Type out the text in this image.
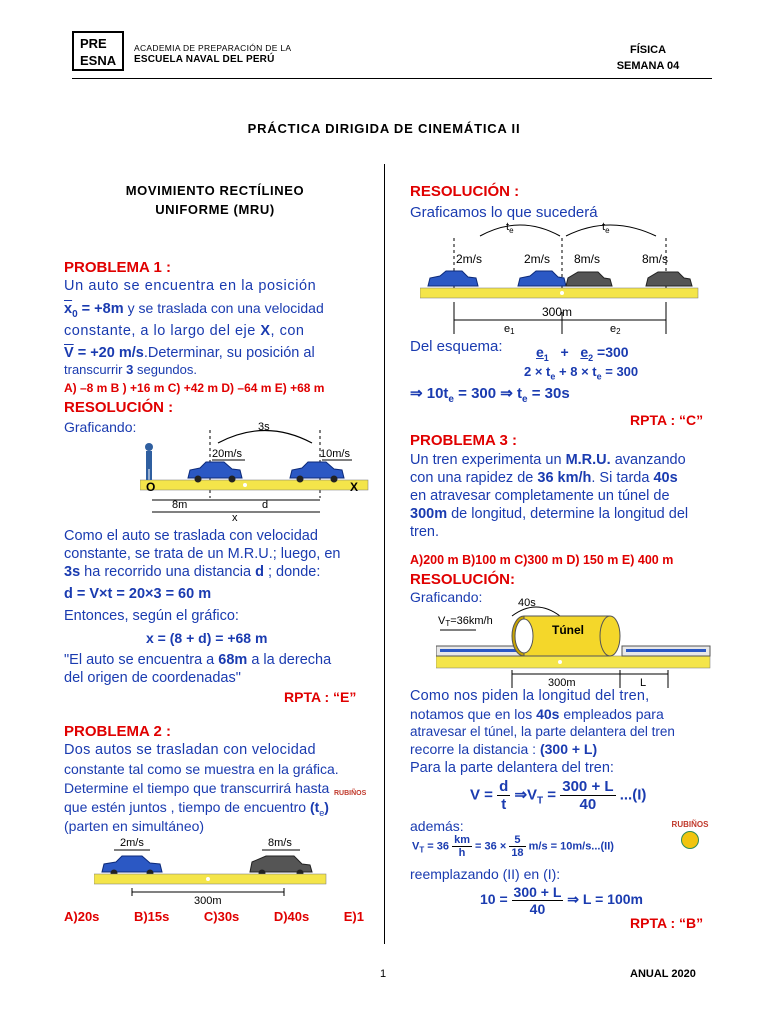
PRE
ESNA
ACADEMIA DE PREPARACIÓN DE LA
ESCUELA NAVAL DEL PERÚ
FÍSICA
SEMANA 04
PRÁCTICA DIRIGIDA DE CINEMÁTICA II
MOVIMIENTO RECTÍLINEO
UNIFORME (MRU)
PROBLEMA 1 :
Un auto se encuentra en la posición
$\overline{x}_0 = +8m$ y se traslada con una velocidad
constante, a lo largo del eje X, con
$\overline{V} = +20$ m/s.Determinar, su posición al
transcurrir 3 segundos.
A) –8 m B ) +16 m C) +42 m D) –64 m E) +68 m
RESOLUCIÓN :
Graficando:	3s
20m/s	10m/s
O	X
8m	d
x
Como el auto se traslada con velocidad
constante, se trata de un M.R.U.; luego, en
3s ha recorrido una distancia d ; donde:
d = V×t = 20×3 = 60 m
Entonces, según el gráfico:
x = (8 + d) = +68 m
"El auto se encuentra a 68m a la derecha
del origen de coordenadas"
RPTA : “E”
PROBLEMA 2 :
Dos autos se trasladan con velocidad
constante tal como se muestra en la gráfica.
Determine el tiempo que transcurrirá hasta
que estén juntos , tiempo de encuentro $(t_e)$
(parten en simultáneo)
2m/s	8m/s
300m
A)20s	B)15s	C)30s	D)40s	E)1
RESOLUCIÓN :
Graficamos lo que sucederá
$t_e$	$t_e$
2m/s	2m/s 8m/s	8m/s
300m
e1	e2
Del esquema: $e_1 + e_2 =300$
$2 \times t_e + 8 \times t_e = 300$
⇒ $10t_e = 300$ ⇒ $t_e = 30s$
RPTA : “C”
PROBLEMA 3 :
Un tren experimenta un M.R.U. avanzando
con una rapidez de 36 km/h. Si tarda 40s
en atravesar completamente un túnel de
300m de longitud, determine la longitud del
tren.
A)200 m B)100 m C)300 m D) 150 m E) 400 m
RESOLUCIÓN:
Graficando:	40s
VT=36km/h
Túnel
300m	L
Como nos piden la longitud del tren,
notamos que en los 40s empleados para
atravesar el túnel, la parte delantera del tren
recorre la distancia : (300 + L)
Para la parte delantera del tren:
$V = \frac{d}{t}$ $\Rightarrow V_T = \frac{300 + L}{40} ...(I)$
además:
$V_T = 36 \frac{km}{h} = 36 \times \frac{5}{18} m/s = 10m/s...(II)$
reemplazando (II) en (I):
$10 = \frac{300 + L}{40}$ ⇒ L = 100m
RPTA : “B”
RUBIÑOS
RUBIÑOS
1	ANUAL 2020
